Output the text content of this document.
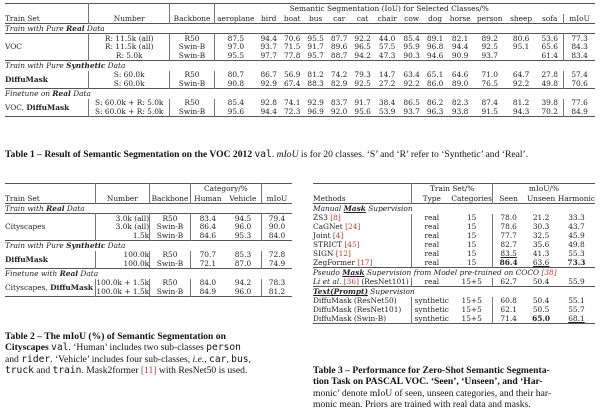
			Semantic Segmentation (IoU) for Selected Classes/%													
Train Set	Number	Backbone	aeroplane	bird	boat	bus	car	cat	chair	cow	dog	horse	person	sheep	sofa	mIoU
Train with Pure Real Data																
VOC	R: 11.5k (all)	R50	87.5	94.4	70.6	95.5	87.7	92.2	44.0	85.4	89.1	82.1	89.2	80.6	53.6	77.3
	R: 11.5k (all)	Swin-B	97.0	93.7	71.5	91.7	89.6	96.5	57.5	95.9	96.8	94.4	92.5	95.1	65.6	84.3
	R: 5.0k	Swin-B	95.5	97.7	77.8	95.7	88.7	94.2	47.3	90.3	94.6	90.9	93.7		61.4	83.4
Train with Pure Synthetic Data																
DiffuMask	S: 60.0k	R50	80.7	86.7	56.9	81.2	74.2	79.3	14.7	63.4	65.1	64.6	71.0	64.7	27.8	57.4
	S: 60.0k	Swin-B	90.8	92.9	67.4	88.3	82.9	92.5	27.2	92.2	86.0	89.0	76.5	92.2	49.8	70.6
Finetune on Real Data																
VOC, DiffuMask	S: 60.0k + R: 5.0k	R50	85.4	92.8	74.1	92.9	83.7	91.7	38.4	86.5	86.2	82.3	87.4	81.2	39.8	77.6
	S: 60.0k + R: 5.0k	Swin-B	95.6	94.4	72.3	96.9	92.0	95.6	53.9	93.7	96.3	93.8	91.5	94.3	70.2	84.9
Table 1 – Result of Semantic Segmentation on the VOC 2012 val. mIoU is for 20 classes. ‘S’ and ‘R’ refer to ‘Synthetic’ and ‘Real’.
			Category/%		
Train Set	Number	Backbone	Human	Vehicle	mIoU
Train with Real Data					
Cityscapes	3.0k (all)	R50	83.4	94.5	79.4
	3.0k (all)	Swin-B	86.4	96.0	90.0
	1.5k	Swin-B	84.6	95.3	84.0
Train with Pure Synthetic Data					
DiffuMask	100.0k	R50	70.7	85.3	72.8
	100.0k	Swin-B	72.1	87.0	74.9
Finetune with Real Data					
Cityscapes, DiffuMask	100.0k + 1.5k	R50	84.0	94.2	78.3
	100.0k + 1.5k	Swin-B	84.9	96.0	81.2
Table 2 – The mIoU (%) of Semantic Segmentation on
Cityscapes val. ‘Human’ includes two sub-classes person
and rider. ‘Vehicle’ includes four sub-classes, i.e., car, bus,
truck and train. Mask2former [11] with ResNet50 is used.
	Train Set/%		mIoU/%		
Methods	Type	Categories	Seen	Unseen	Harmonic
Manual Mask Supervision					
ZS3 [8]	real	15	78.0	21.2	33.3
CaGNet [24]	real	15	78.6	30.3	43.7
Joint [4]	real	15	77.7	32.5	45.9
STRICT [45]	real	15	82.7	35.6	49.8
SIGN [12]	real	15	83.5	41.3	55.3
ZegFormer [17]	real	15	86.4	63.6	73.3
Pseudo Mask Supervision from Model pre-trained on COCO [38]					
Li et al. [36] (ResNet101)	real	15+5	62.7	50.4	55.9
Text(Prompt) Supervision					
DiffuMask (ResNet50)	synthetic	15+5	60.8	50.4	55.1
DiffuMask (ResNet101)	synthetic	15+5	62.1	50.5	55.7
DiffuMask (Swin-B)	synthetic	15+5	71.4	65.0	68.1
Table 3 – Performance for Zero-Shot Semantic Segmenta-
tion Task on PASCAL VOC. ‘Seen’, ‘Unseen’, and ‘Har-
monic’ denote mIoU of seen, unseen categories, and their har-
monic mean. Priors are trained with real data and masks.
